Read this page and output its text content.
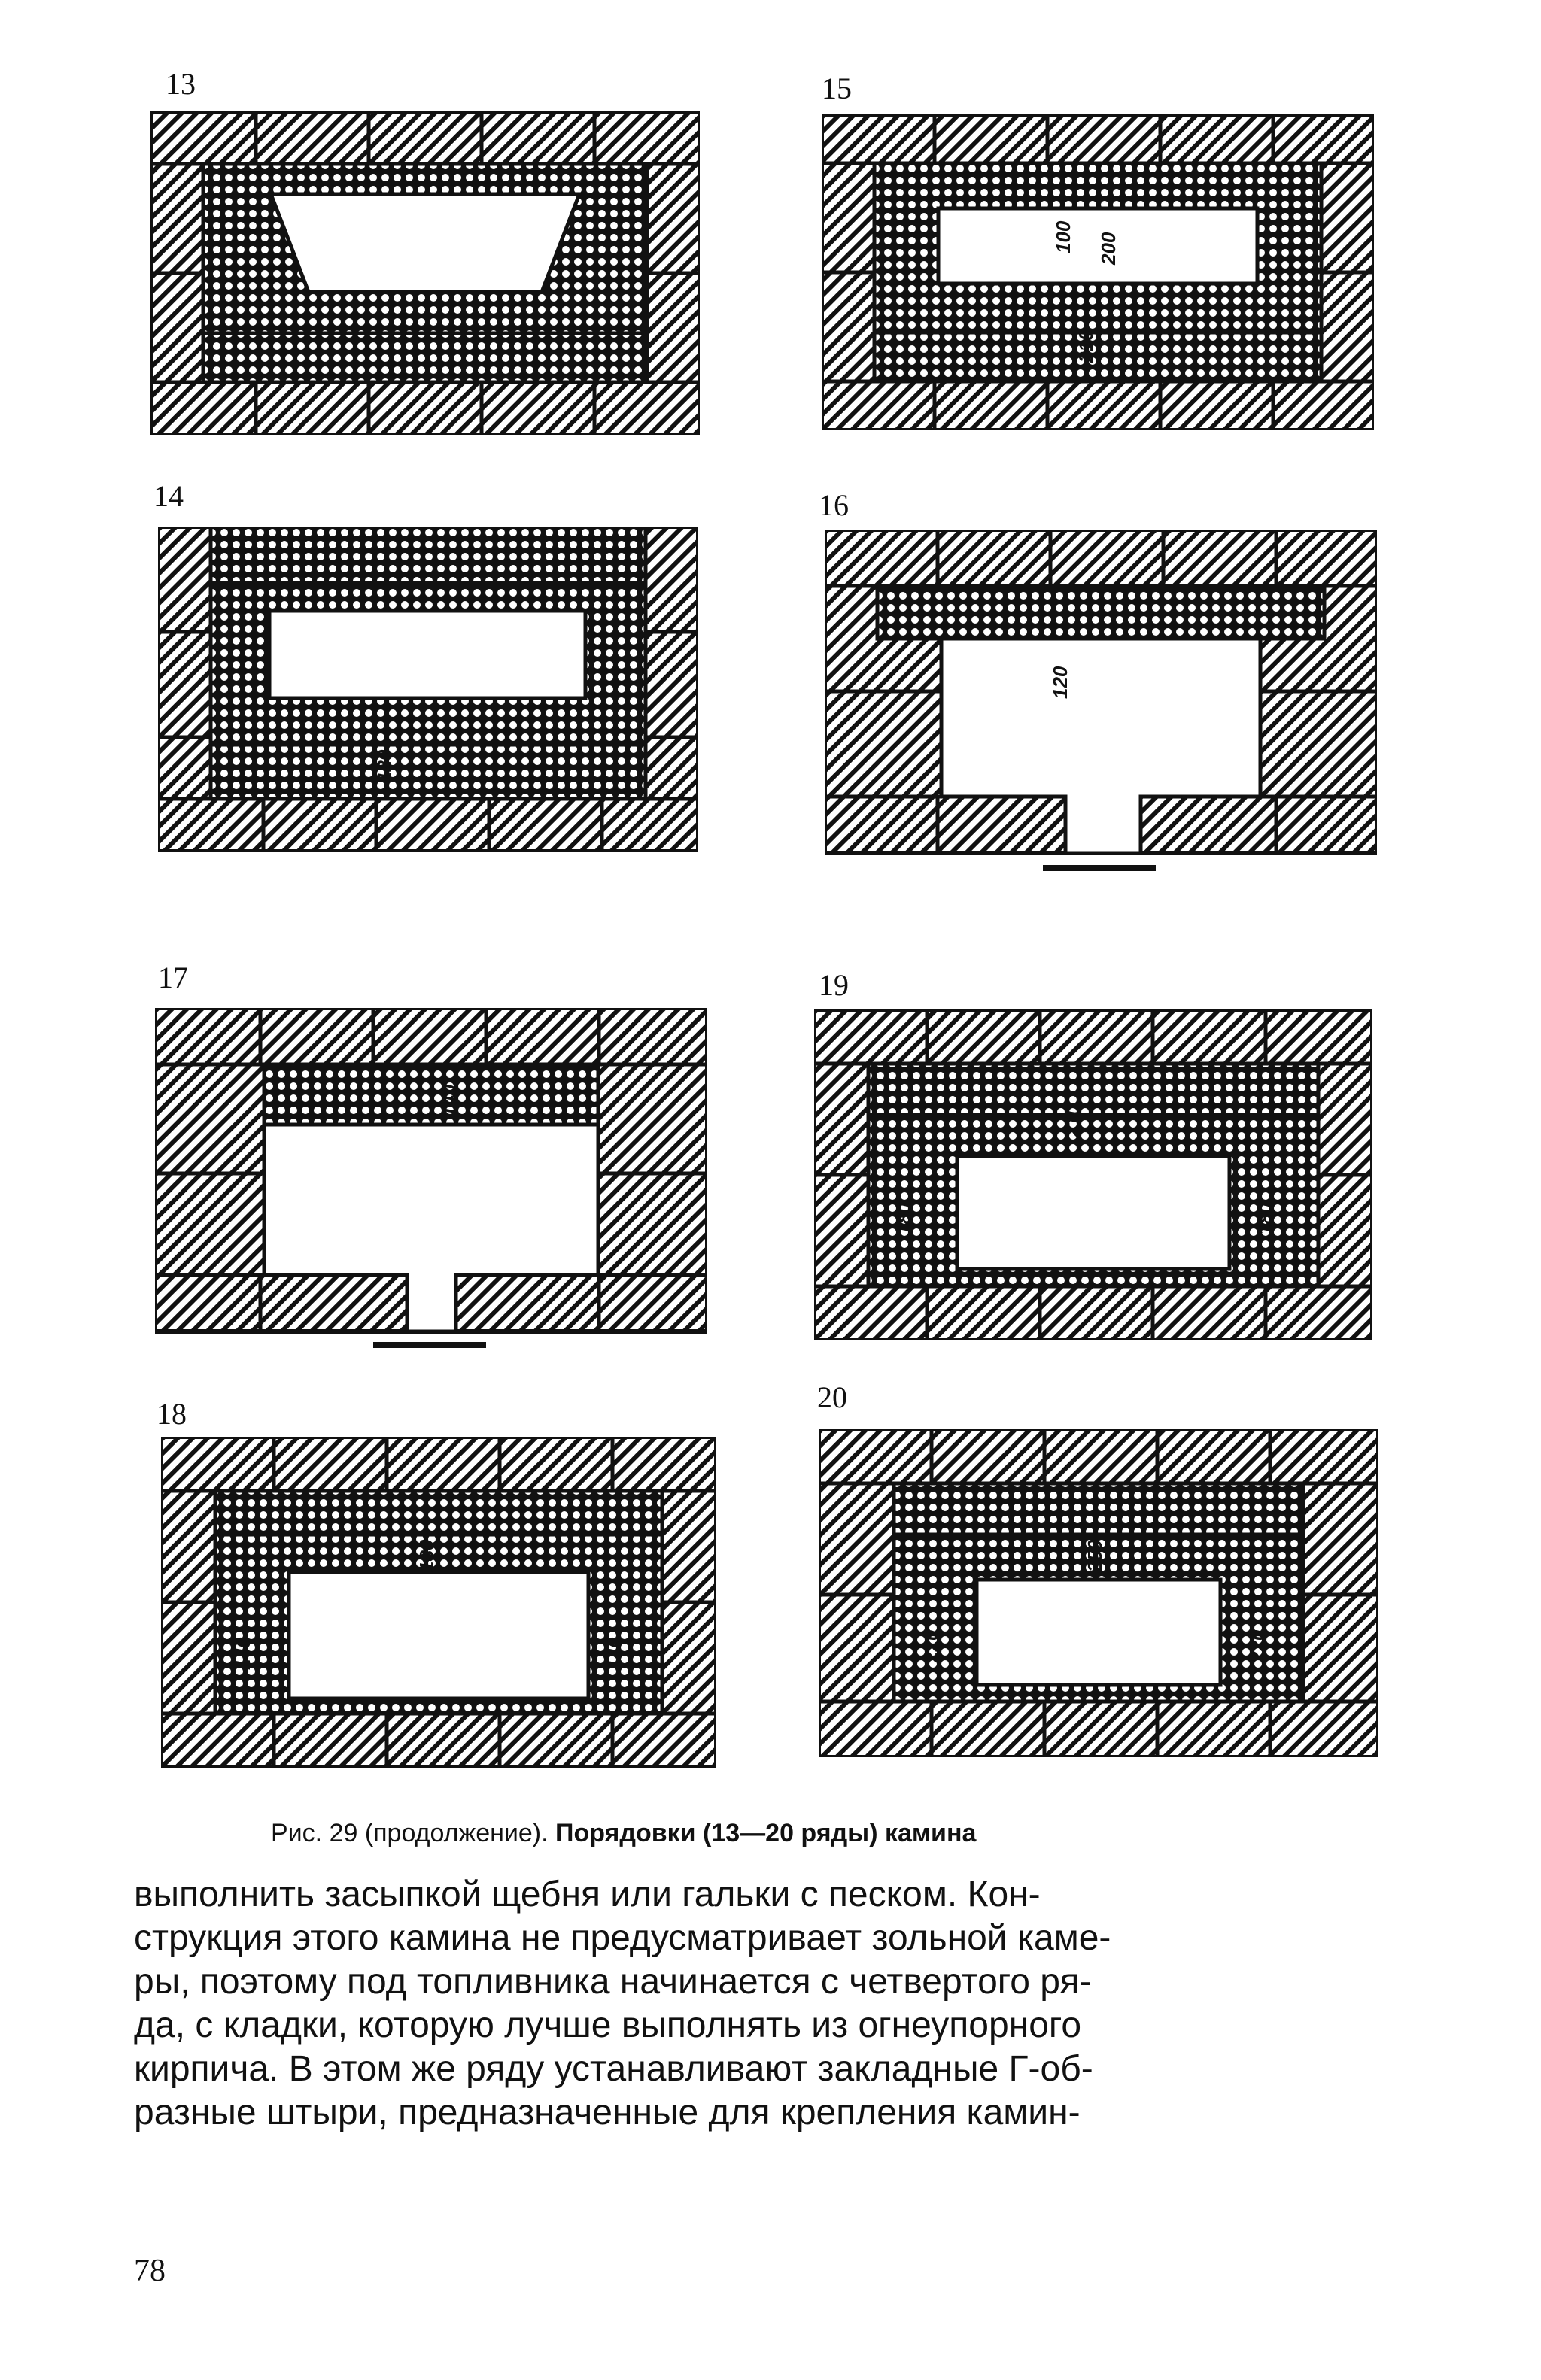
13	15
14	16
17	19
18	20
100 200
210
120
120
140
210
180	180
180
140	140
250
220	220
Рис. 29 (продолжение). Порядовки (13—20 ряды) камина
выполнить засыпкой щебня или гальки с песком. Кон-
струкция этого камина не предусматривает зольной каме-
ры, поэтому под топливника начинается с четвертого ря-
да, с кладки, которую лучше выполнять из огнеупорного
кирпича. В этом же ряду устанавливают закладные Г-об-
разные штыри, предназначенные для крепления камин-
78
